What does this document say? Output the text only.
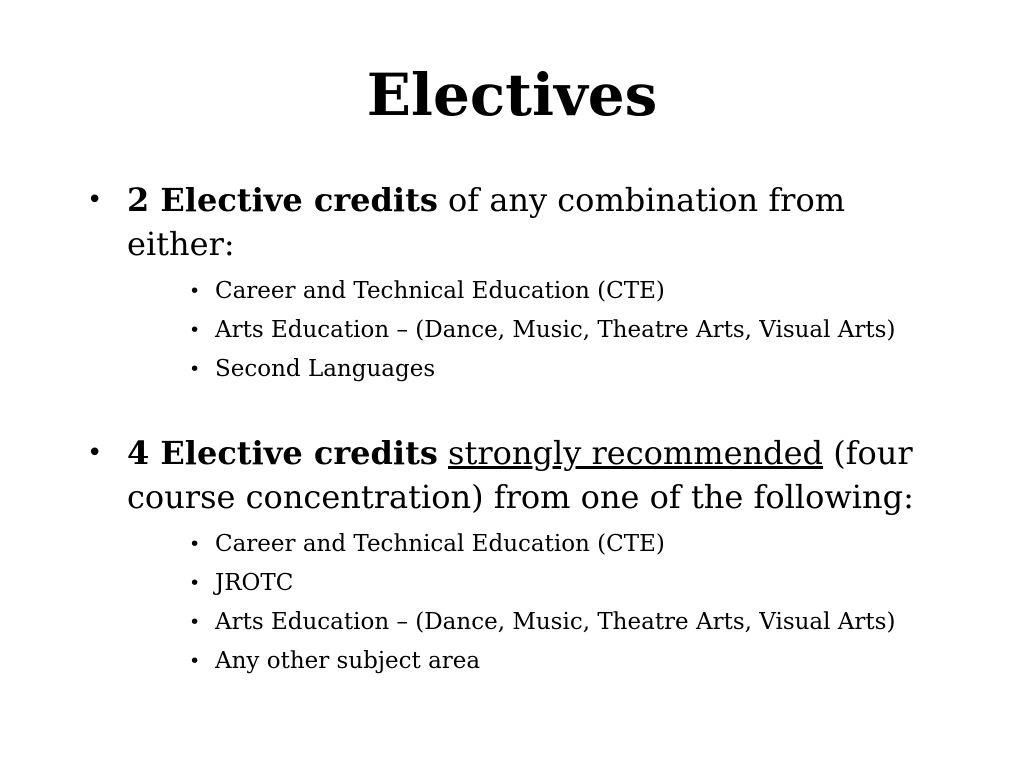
Electives
• 2 Elective credits of any combination from either:
• Career and Technical Education (CTE)
• Arts Education – (Dance, Music, Theatre Arts, Visual Arts)
• Second Languages
• 4 Elective credits strongly recommended (four course concentration) from one of the following:
• Career and Technical Education (CTE)
• JROTC
• Arts Education – (Dance, Music, Theatre Arts, Visual Arts)
• Any other subject area
